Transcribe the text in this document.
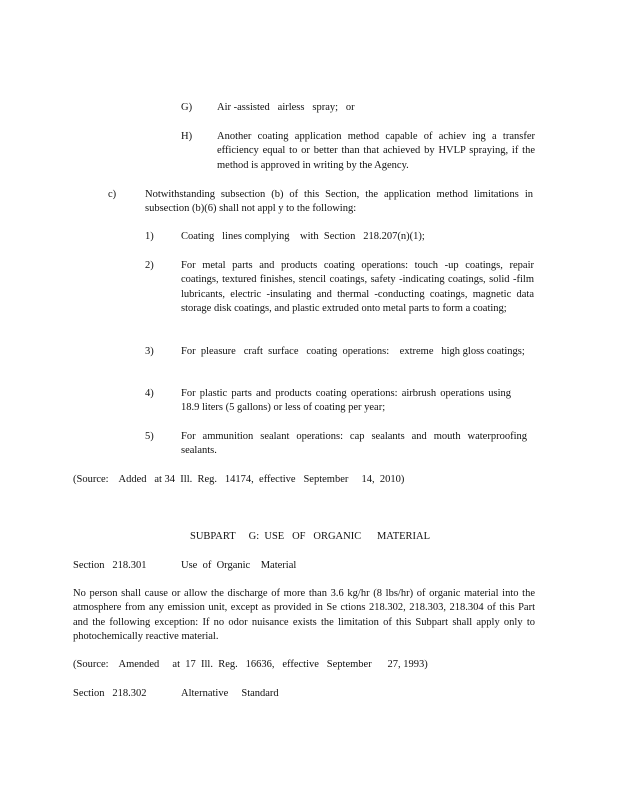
G) Air -assisted   airless   spray;   or
H) Another coating application method capable of achiev ing a transfer efficiency equal to or better than that achieved by HVLP spraying, if the method is approved in writing by the Agency.
c)	Notwithstanding subsection (b) of this Section, the application method limitations in subsection (b)(6) shall not appl y to the following:
1)	Coating   lines complying    with  Section   218.207(n)(1);
2)	For metal parts and products coating operations: touch -up coatings, repair coatings, textured finishes, stencil coatings, safety -indicating coatings, solid -film lubricants, electric -insulating and thermal -conducting coatings, magnetic data storage disk coatings, and plastic extruded onto metal parts to form a coating;
3)	For  pleasure   craft  surface   coating  operations:    extreme   high gloss coatings;
4)	For plastic parts and products coating operations: airbrush operations using 18.9 liters (5 gallons) or less of coating per year;
5)	For ammunition sealant operations: cap sealants and mouth waterproofing sealants.
(Source:    Added   at 34  Ill.  Reg.   14174,  effective   September     14,  2010)
SUBPART     G:  USE   OF   ORGANIC      MATERIAL
Section   218.301	Use  of  Organic    Material
No person shall cause or allow the discharge of more than 3.6 kg/hr (8 lbs/hr) of organic material into the atmosphere from any emission unit, except as provided in Se ctions 218.302, 218.303, 218.304 of this Part and the following exception: If no odor nuisance exists the limitation of this Subpart shall apply only to photochemically reactive material.
(Source:    Amended     at  17  Ill.  Reg.   16636,   effective   September      27, 1993)
Section   218.302	Alternative     Standard
